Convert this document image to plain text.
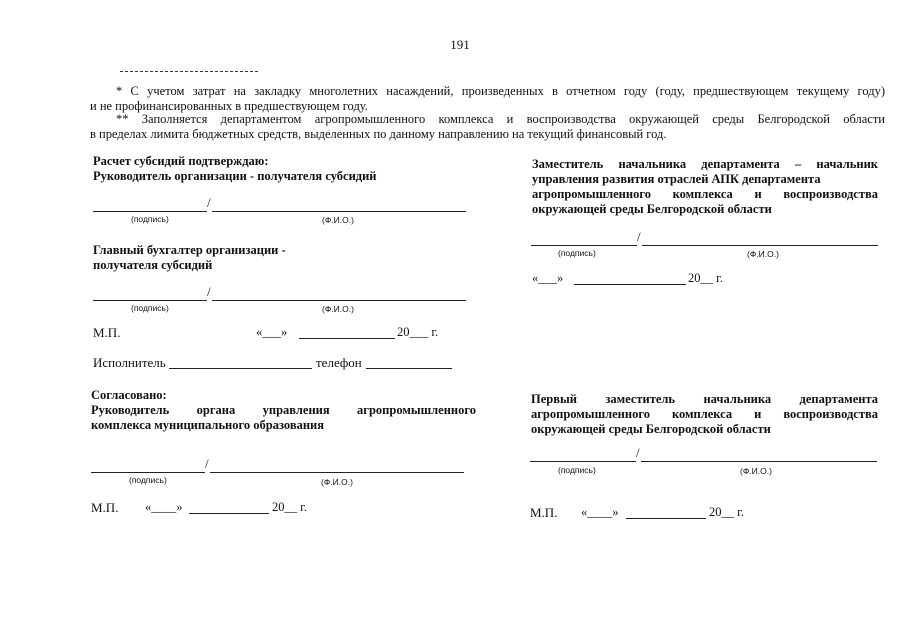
191
* С учетом затрат на закладку многолетних насаждений, произведенных в отчетном году (году, предшествующем текущему году)
и не профинансированных в предшествующем году.
** Заполняется департаментом агропромышленного комплекса и воспроизводства окружающей среды Белгородской области
в пределах лимита бюджетных средств, выделенных по данному направлению на текущий финансовый год.
Расчет субсидий подтверждаю:
Руководитель организации - получателя субсидий
/
(подпись)	(Ф.И.О.)
Главный бухгалтер организации -
получателя субсидий
/
(подпись)	(Ф.И.О.)
М.П.	«___»	20___ г.
Исполнитель	телефон
Согласовано:
Руководитель органа управления агропромышленного
комплекса муниципального образования
/
(подпись)	(Ф.И.О.)
М.П. «____»	20__ г.
Заместитель начальника департамента – начальник
управления развития отраслей АПК департамента
агропромышленного комплекса и воспроизводства
окружающей среды Белгородской области
/
(подпись)	(Ф.И.О.)
«___»	20__ г.
Первый заместитель начальника департамента
агропромышленного комплекса и воспроизводства
окружающей среды Белгородской области
/
(подпись)	(Ф.И.О.)
М.П. «____»	20__ г.
